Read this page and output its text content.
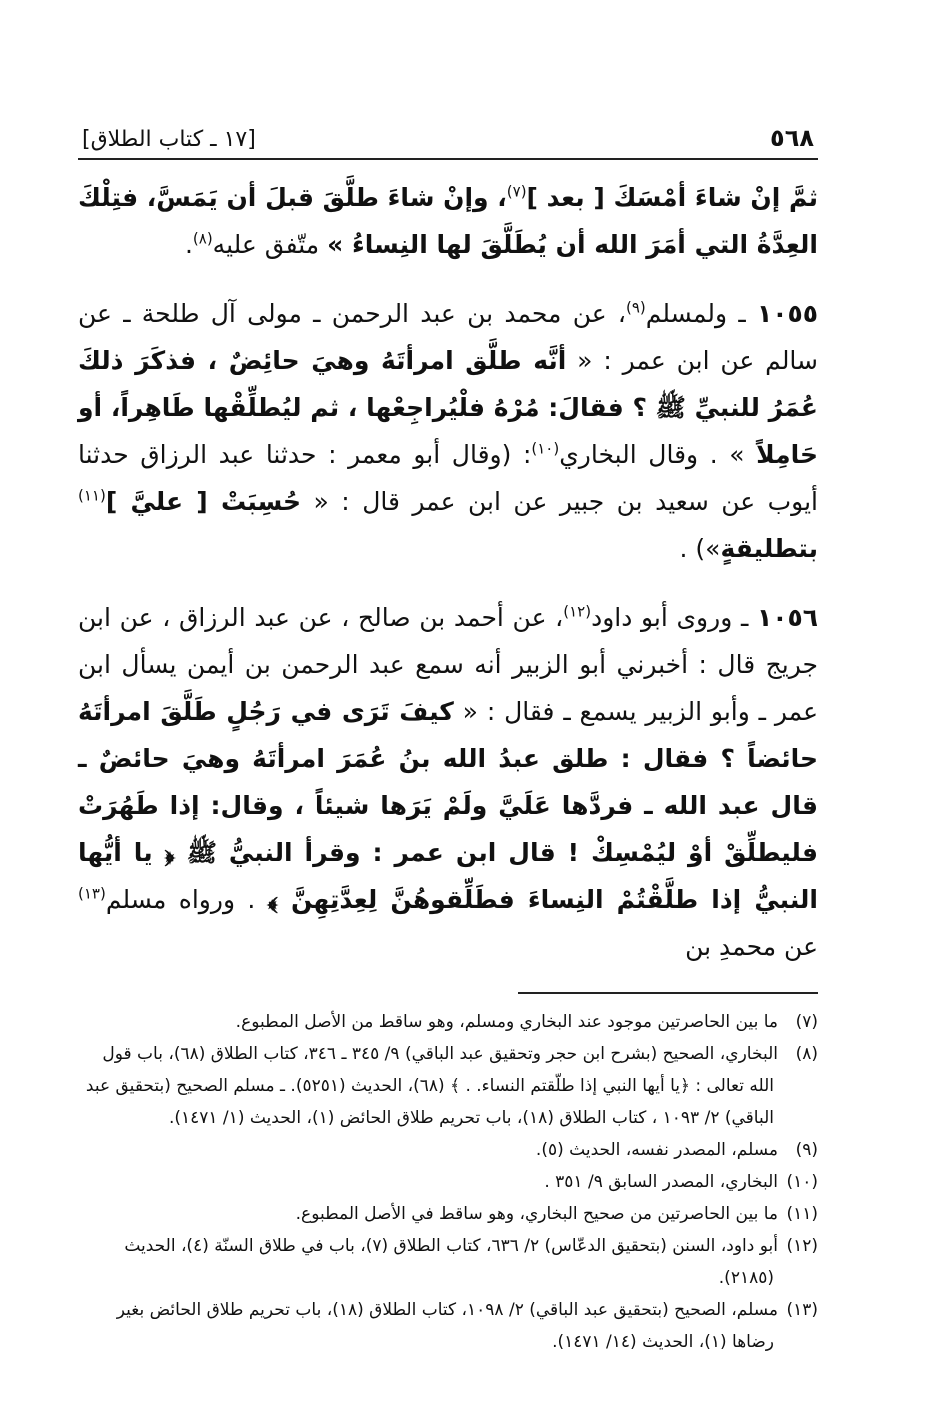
٥٦٨
[١٧ ـ كتاب الطلاق]

ثمَّ إنْ شاءَ أمْسَكَ [ بعد ]$^{(٧)}$، وإنْ شاءَ طلَّقَ قبلَ أن يَمَسَّ، فتِلْكَ العِدَّةُ التي أمَرَ الله أن يُطَلَّقَ لها النِساءُ » متّفق عليه$^{(٨)}$.

١٠٥٥ ـ ولمسلم$^{(٩)}$، عن محمد بن عبد الرحمن ـ مولى آل طلحة ـ عن سالم عن ابن عمر : « أنَّه طلَّق امرأتَهُ وهيَ حائِضٌ ، فذكَرَ ذلكَ عُمَرُ للنبيِّ ﷺ ؟ فقالَ: مُرْهُ فلْيُراجِعْها ، ثم ليُطلِّقْها طَاهِراً، أو حَامِلاً » . وقال البخاري$^{(١٠)}$: (وقال أبو معمر : حدثنا عبد الرزاق حدثنا أيوب عن سعيد بن جبير عن ابن عمر قال : « حُسِبَتْ [ عليَّ ]$^{(١١)}$ بتطليقةٍ») .

١٠٥٦ ـ وروى أبو داود$^{(١٢)}$، عن أحمد بن صالح ، عن عبد الرزاق ، عن ابن جريج قال : أخبرني أبو الزبير أنه سمع عبد الرحمن بن أيمن يسأل ابن عمر ـ وأبو الزبير يسمع ـ فقال : « كيفَ تَرَى في رَجُلٍ طَلَّقَ امرأتَهُ حائضاً ؟ فقال : طلق عبدُ الله بنُ عُمَرَ امرأتَهُ وهيَ حائضٌ ـ قال عبد الله ـ فردَّها عَلَيَّ ولَمْ يَرَها شيئاً ، وقال: إذا طَهُرَتْ فليطلِّقْ أوْ ليُمْسِكْ ! قال ابن عمر : وقرأ النبيُّ ﷺ ﴿ يا أيُّها النبيُّ إذا طلَّقْتُمْ النِساءَ فطَلِّقوهُنَّ لِعِدَّتِهِنَّ ﴾ . ورواه مسلم$^{(١٣)}$ عن محمدِ بن

(٧)ما بين الحاصرتين موجود عند البخاري ومسلم، وهو ساقط من الأصل المطبوع.

(٨)البخاري، الصحيح (بشرح ابن حجر وتحقيق عبد الباقي) ٩/ ٣٤٥ ـ ٣٤٦، كتاب الطلاق (٦٨)، باب قول الله تعالى : ﴿يا أيها النبي إذا طلّقتم النساء. . ﴾ (٦٨)، الحديث (٥٢٥١). ـ مسلم الصحيح (بتحقيق عبد الباقي) ٢/ ١٠٩٣ ، كتاب الطلاق (١٨)، باب تحريم طلاق الحائض (١)، الحديث (١/ ١٤٧١).

(٩)مسلم، المصدر نفسه، الحديث (٥).

(١٠)البخاري، المصدر السابق ٩/ ٣٥١ .

(١١)ما بين الحاصرتين من صحيح البخاري، وهو ساقط في الأصل المطبوع.

(١٢)أبو داود، السنن (بتحقيق الدعّاس) ٢/ ٦٣٦، كتاب الطلاق (٧)، باب في طلاق السنّة (٤)، الحديث (٢١٨٥).

(١٣)مسلم، الصحيح (بتحقيق عبد الباقي) ٢/ ١٠٩٨، كتاب الطلاق (١٨)، باب تحريم طلاق الحائض بغير رضاها (١)، الحديث (١٤/ ١٤٧١).
